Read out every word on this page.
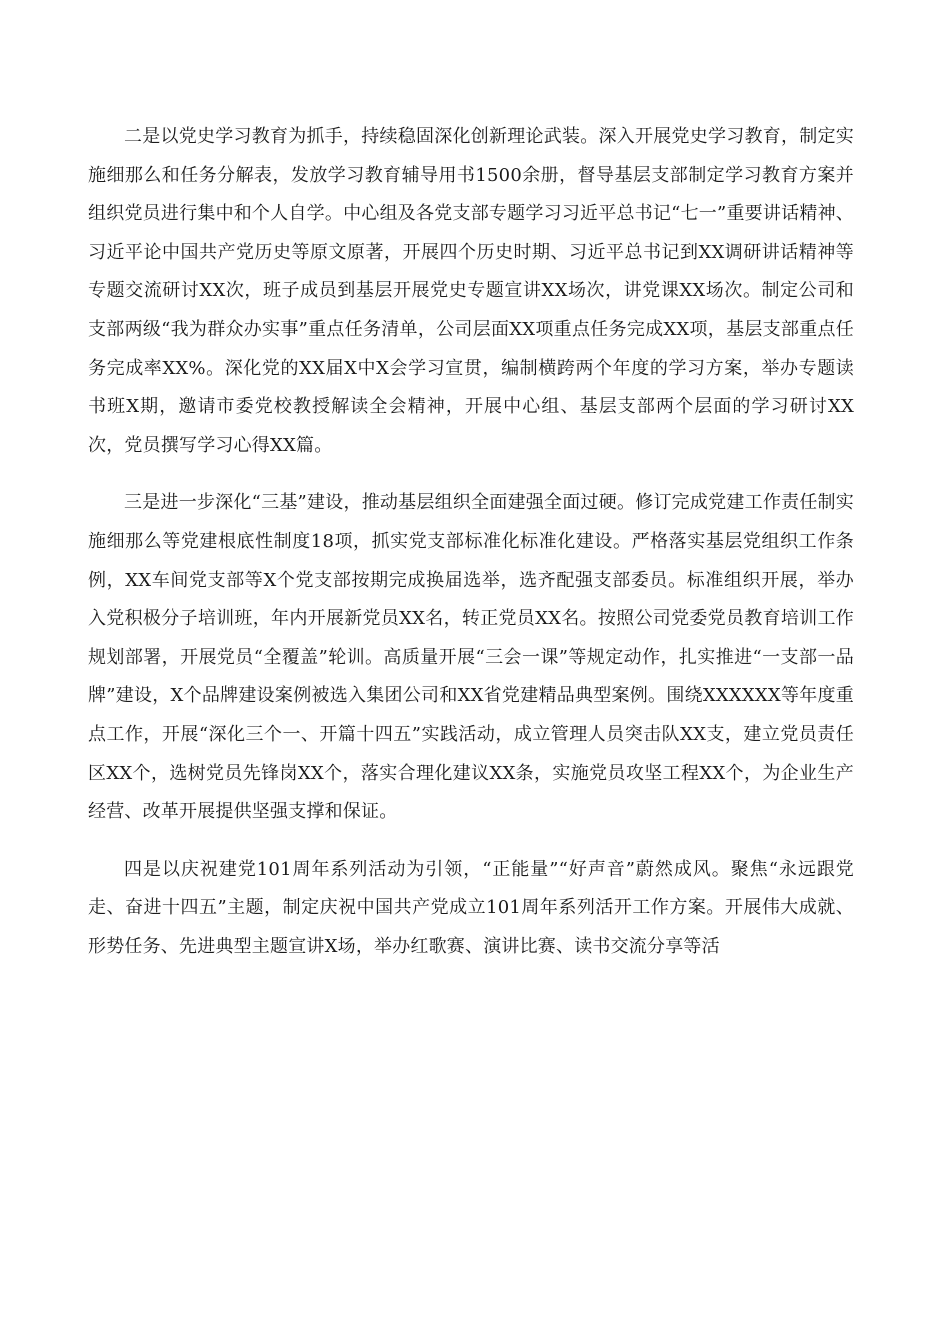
二是以党史学习教育为抓手，持续稳固深化创新理论武装。深入开展党史学习教育，制定实施细那么和任务分解表，发放学习教育辅导用书1500余册，督导基层支部制定学习教育方案并组织党员进行集中和个人自学。中心组及各党支部专题学习习近平总书记“七一”重要讲话精神、习近平论中国共产党历史等原文原著，开展四个历史时期、习近平总书记到XX调研讲话精神等专题交流研讨XX次，班子成员到基层开展党史专题宣讲XX场次，讲党课XX场次。制定公司和支部两级“我为群众办实事”重点任务清单，公司层面XX项重点任务完成XX项，基层支部重点任务完成率XX%。深化党的XX届X中X会学习宣贯，编制横跨两个年度的学习方案，举办专题读书班X期，邀请市委党校教授解读全会精神，开展中心组、基层支部两个层面的学习研讨XX次，党员撰写学习心得XX篇。

三是进一步深化“三基”建设，推动基层组织全面建强全面过硬。修订完成党建工作责任制实施细那么等党建根底性制度18项，抓实党支部标准化标准化建设。严格落实基层党组织工作条例，XX车间党支部等X个党支部按期完成换届选举，选齐配强支部委员。标准组织开展，举办入党积极分子培训班，年内开展新党员XX名，转正党员XX名。按照公司党委党员教育培训工作规划部署，开展党员“全覆盖”轮训。高质量开展“三会一课”等规定动作，扎实推进“一支部一品牌”建设，X个品牌建设案例被选入集团公司和XX省党建精品典型案例。围绕XXXXXX等年度重点工作，开展“深化三个一、开篇十四五”实践活动，成立管理人员突击队XX支，建立党员责任区XX个，选树党员先锋岗XX个，落实合理化建议XX条，实施党员攻坚工程XX个，为企业生产经营、改革开展提供坚强支撑和保证。

四是以庆祝建党101周年系列活动为引领，“正能量”“好声音”蔚然成风。聚焦“永远跟党走、奋进十四五”主题，制定庆祝中国共产党成立101周年系列活开工作方案。开展伟大成就、形势任务、先进典型主题宣讲X场，举办红歌赛、演讲比赛、读书交流分享等活
